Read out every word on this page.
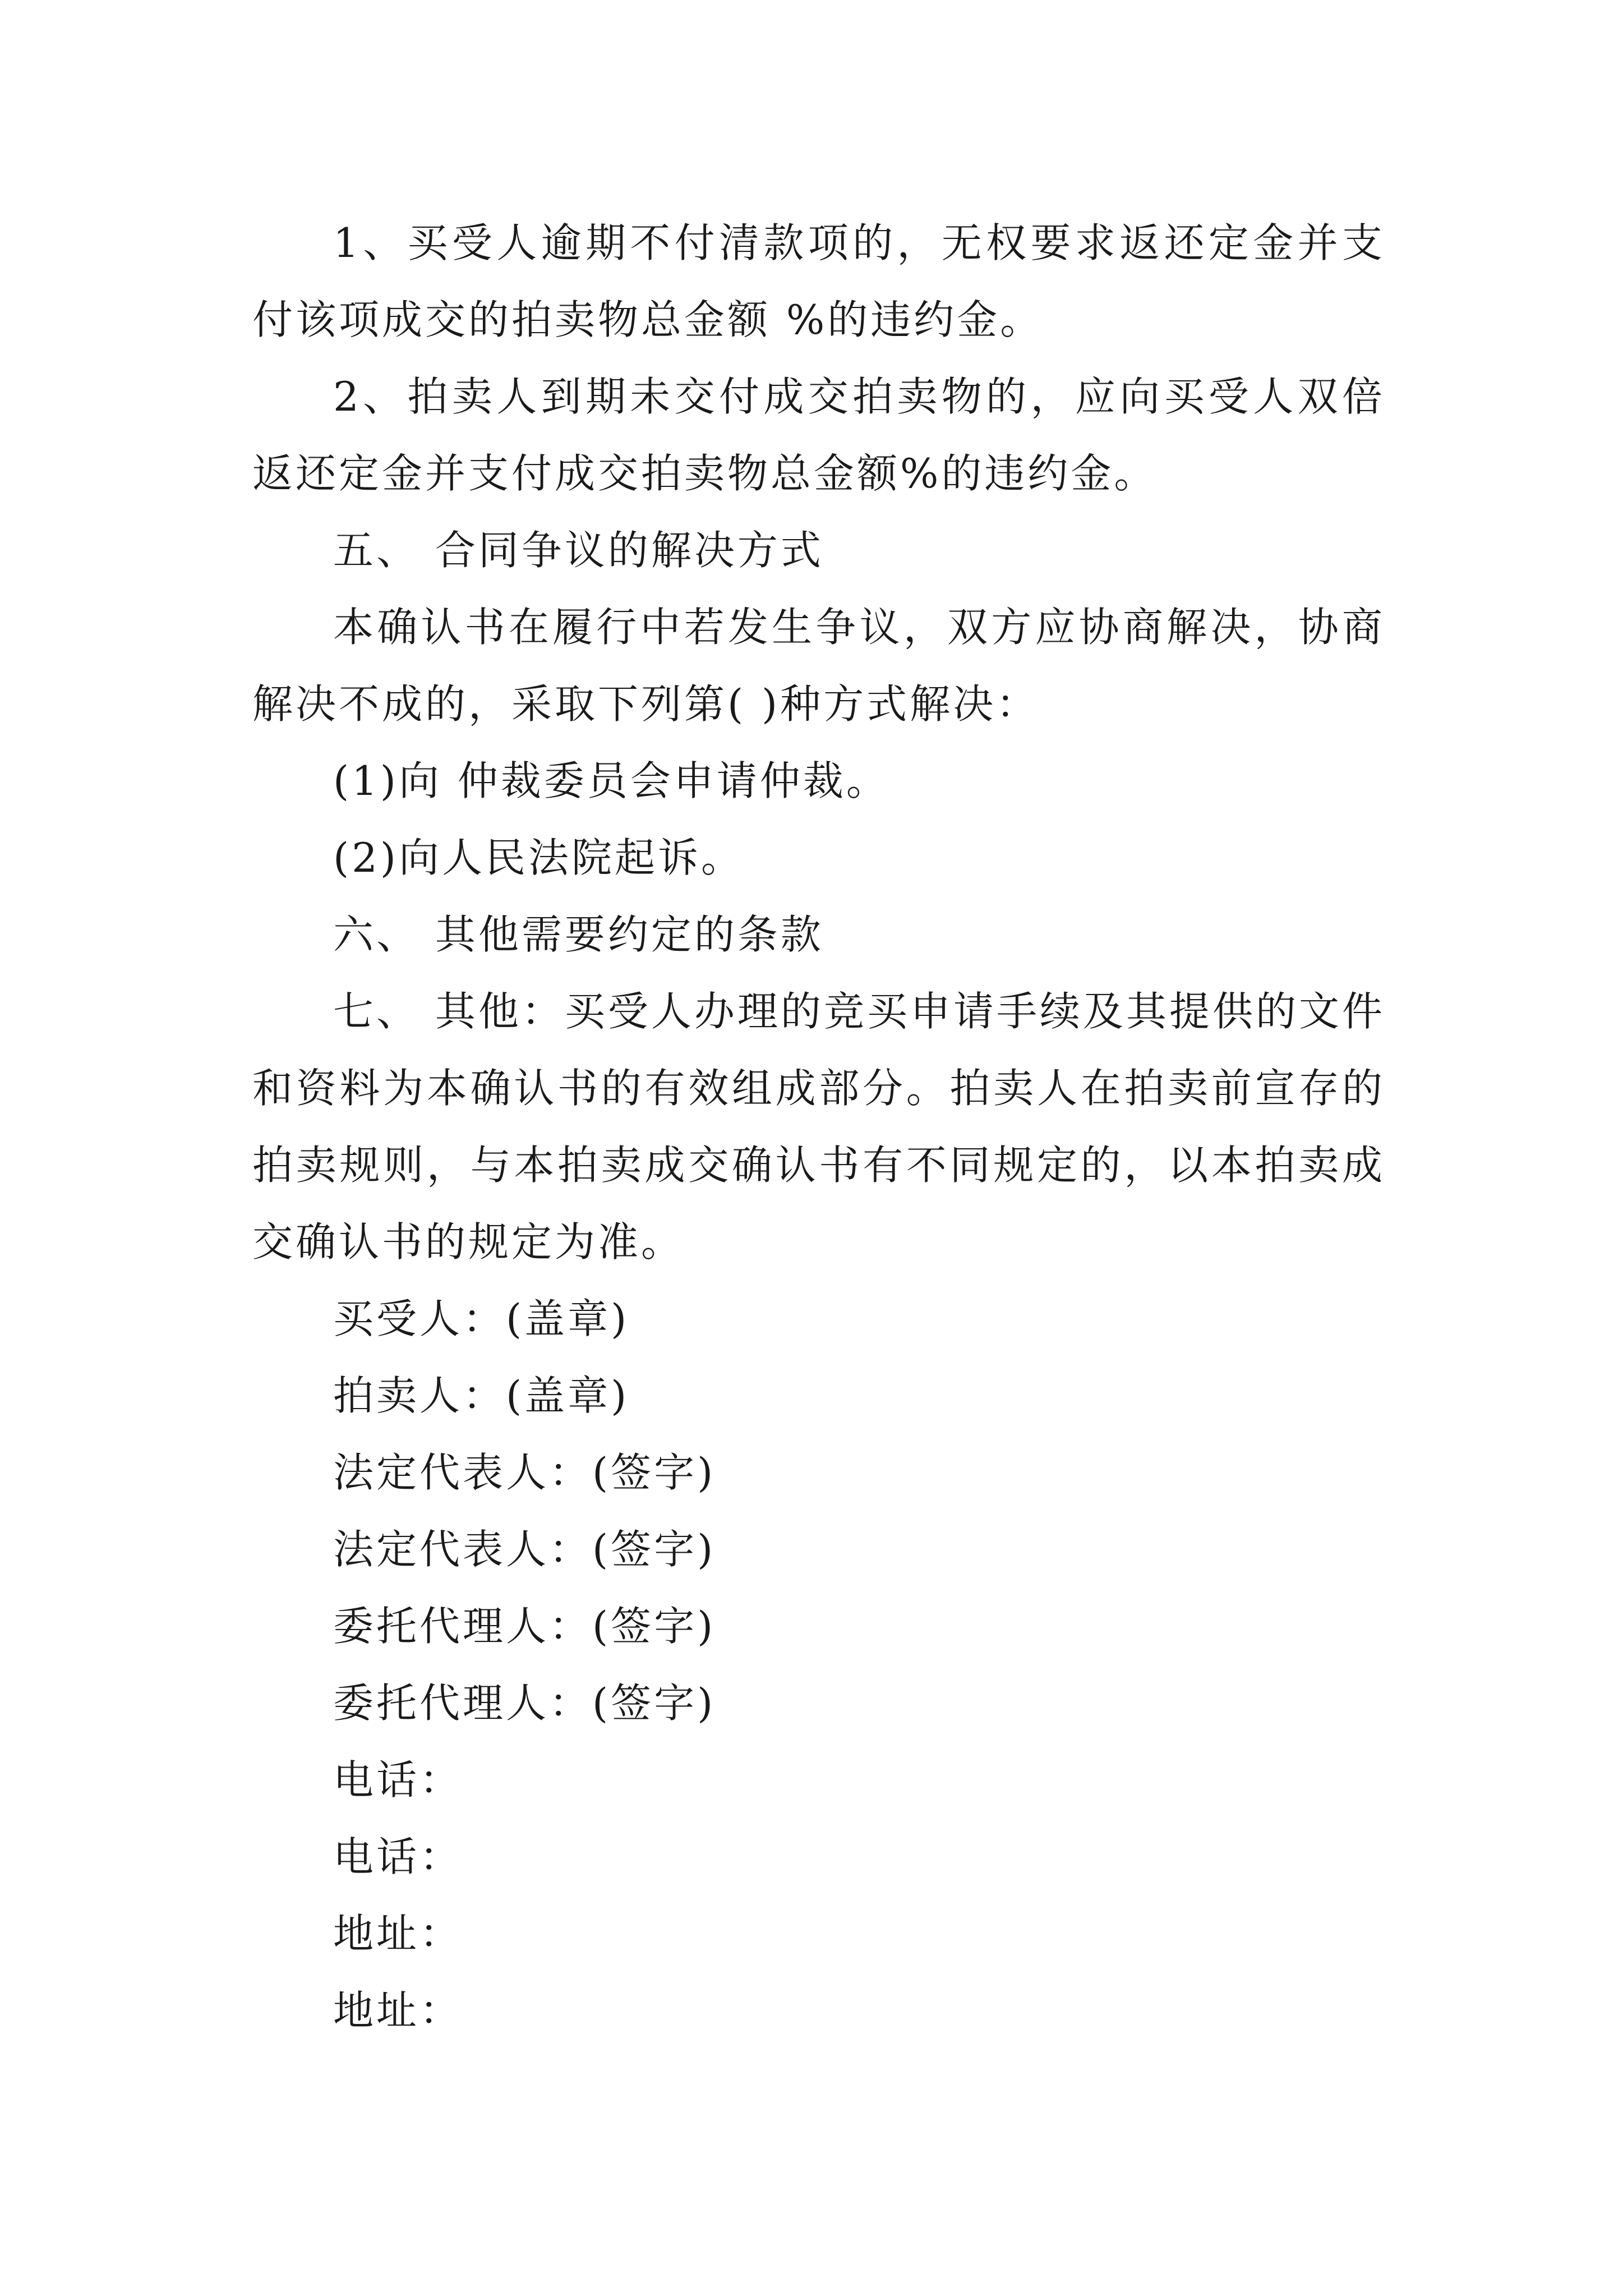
1、买受人逾期不付清款项的，无权要求返还定金并支付该项成交的拍卖物总金额 %的违约金。

2、拍卖人到期未交付成交拍卖物的，应向买受人双倍返还定金并支付成交拍卖物总金额%的违约金。

五、 合同争议的解决方式

本确认书在履行中若发生争议，双方应协商解决，协商解决不成的，采取下列第( )种方式解决：

(1)向 仲裁委员会申请仲裁。

(2)向人民法院起诉。

六、 其他需要约定的条款

七、 其他：买受人办理的竞买申请手续及其提供的文件和资料为本确认书的有效组成部分。拍卖人在拍卖前宣存的拍卖规则，与本拍卖成交确认书有不同规定的，以本拍卖成交确认书的规定为准。

买受人：(盖章)

拍卖人：(盖章)

法定代表人：(签字)

法定代表人：(签字)

委托代理人：(签字)

委托代理人：(签字)

电话：

电话：

地址：

地址：
